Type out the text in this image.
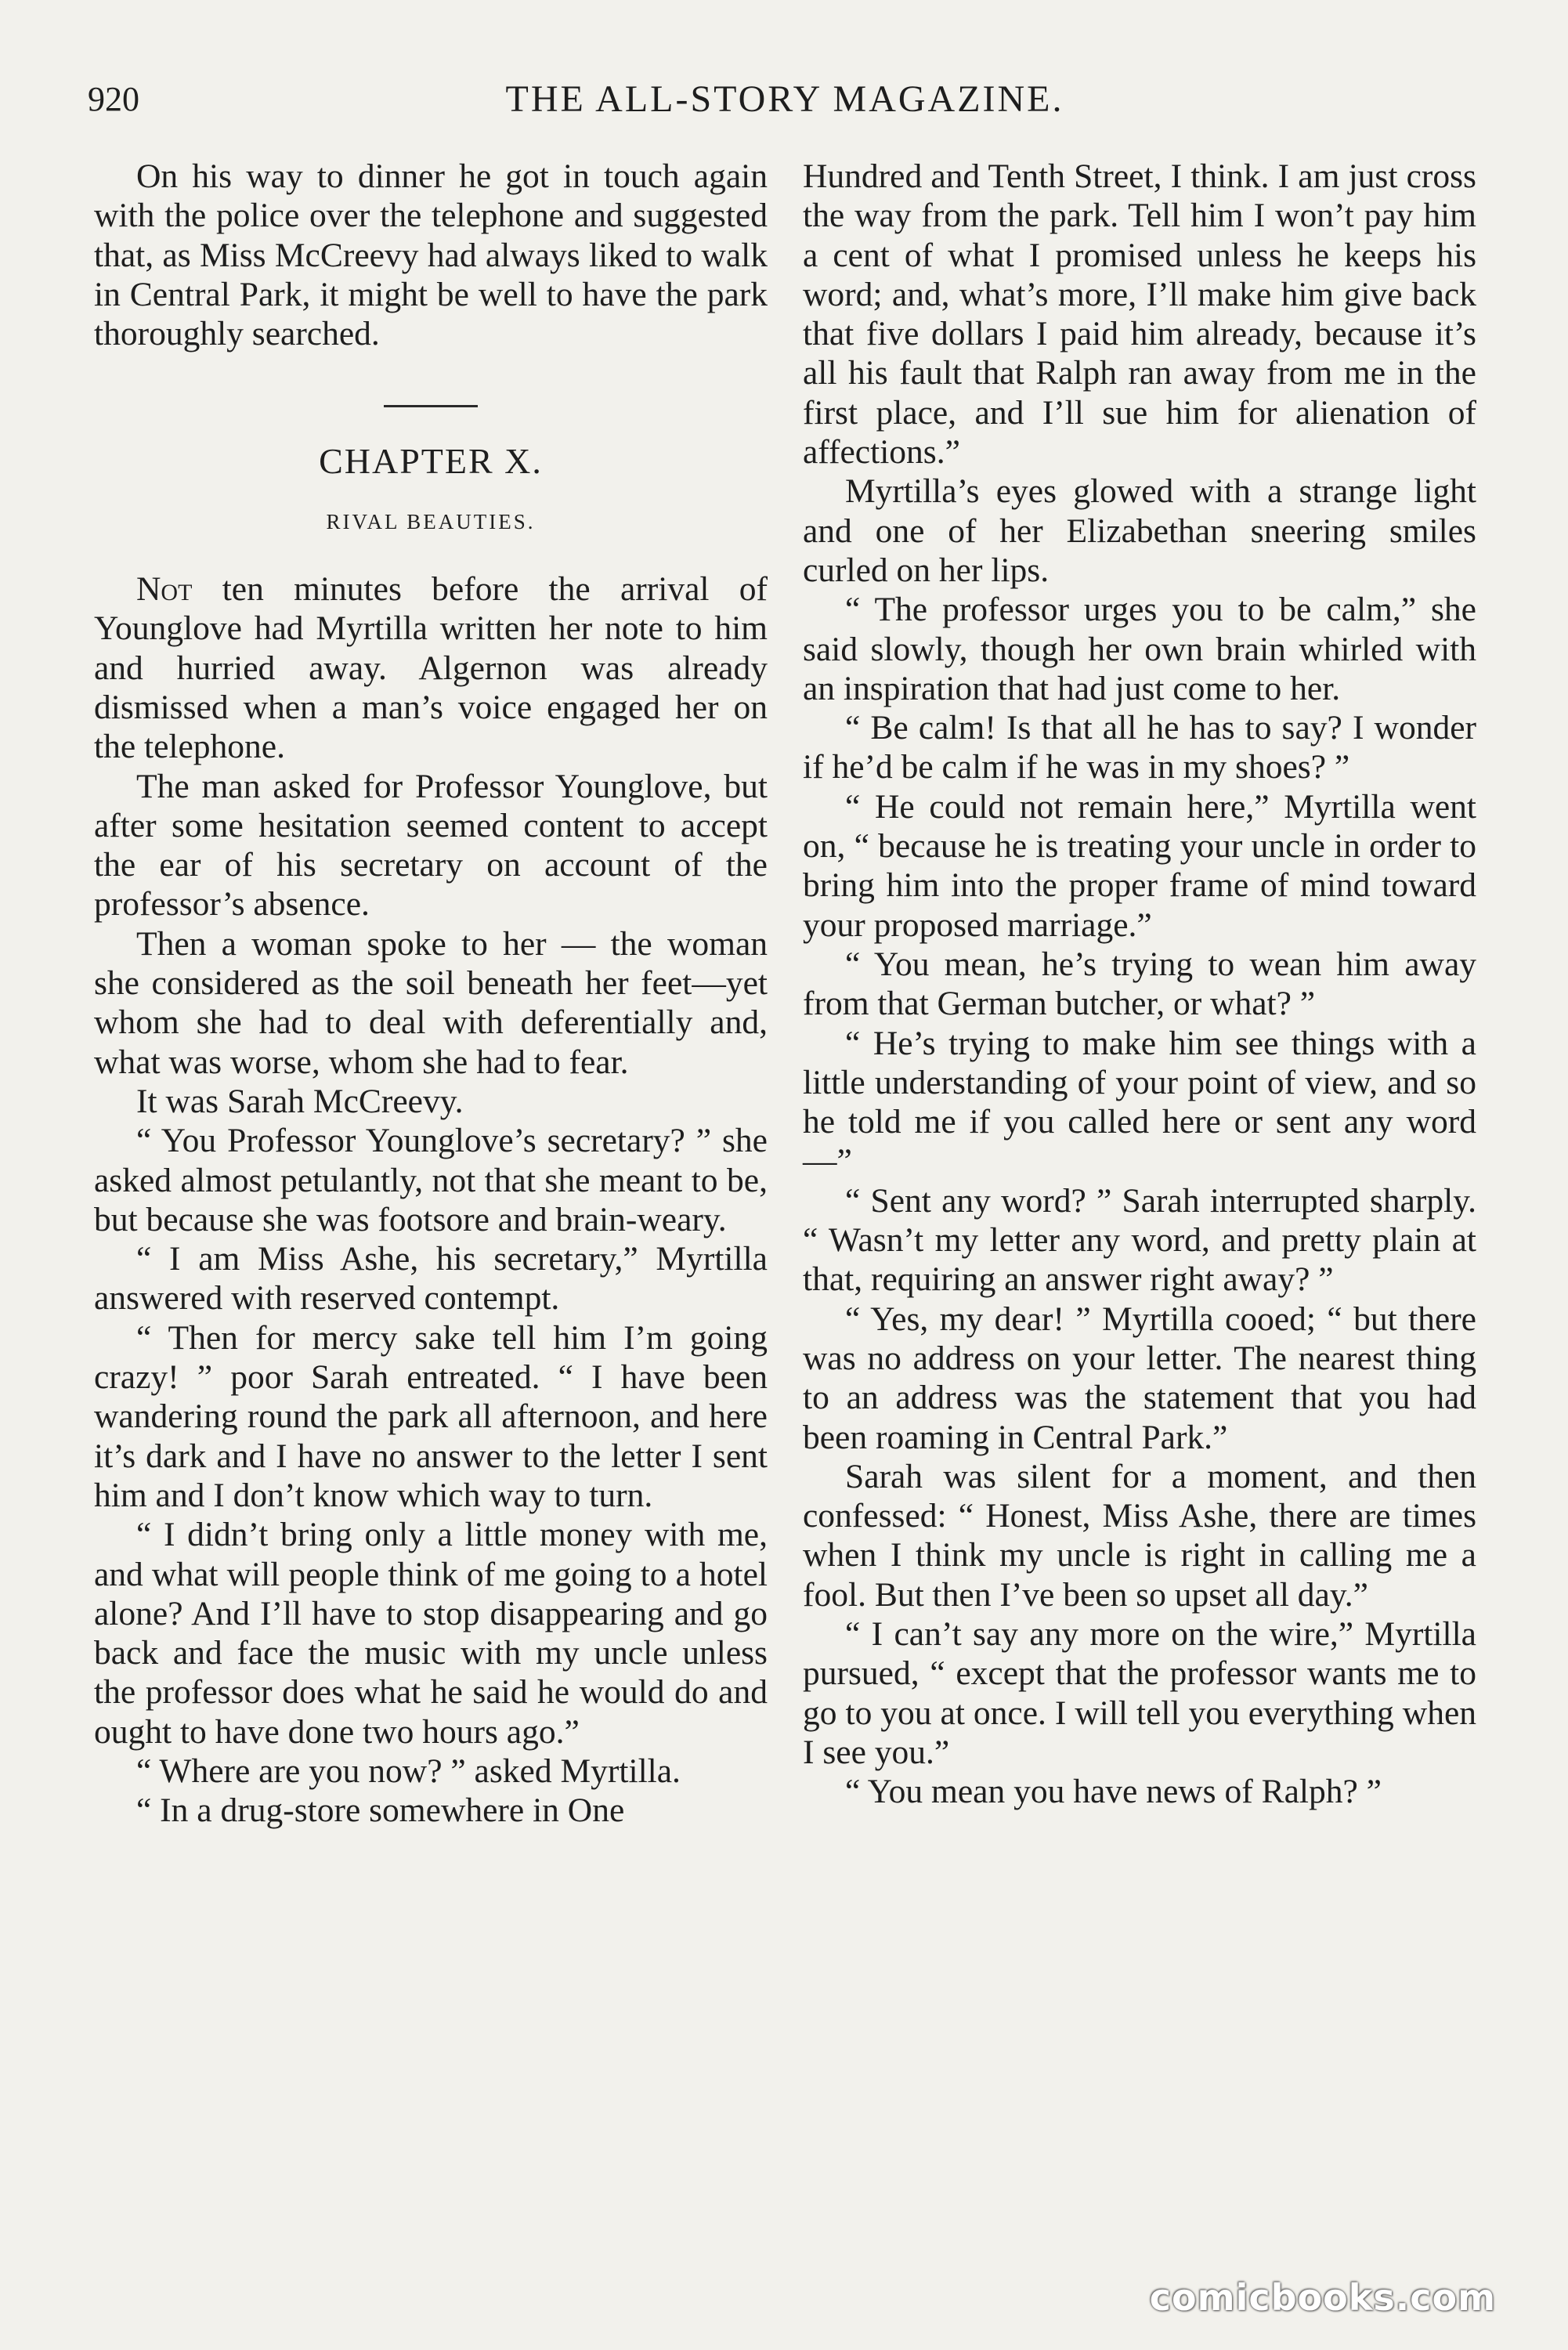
920	THE ALL-STORY MAGAZINE.

On his way to dinner he got in touch again with the police over the telephone and suggested that, as Miss McCreevy had always liked to walk in Central Park, it might be well to have the park thoroughly searched.

CHAPTER X.
RIVAL BEAUTIES.

Not ten minutes before the arrival of Younglove had Myrtilla written her note to him and hurried away. Algernon was already dismissed when a man’s voice engaged her on the telephone.

The man asked for Professor Younglove, but after some hesitation seemed content to accept the ear of his secretary on account of the professor’s absence.

Then a woman spoke to her — the woman she considered as the soil beneath her feet—yet whom she had to deal with deferentially and, what was worse, whom she had to fear.

It was Sarah McCreevy.

“ You Professor Younglove’s secretary? ” she asked almost petulantly, not that she meant to be, but because she was footsore and brain-weary.

“ I am Miss Ashe, his secretary,” Myrtilla answered with reserved contempt.

“ Then for mercy sake tell him I’m going crazy! ” poor Sarah entreated. “ I have been wandering round the park all afternoon, and here it’s dark and I have no answer to the letter I sent him and I don’t know which way to turn.

“ I didn’t bring only a little money with me, and what will people think of me going to a hotel alone? And I’ll have to stop disappearing and go back and face the music with my uncle unless the professor does what he said he would do and ought to have done two hours ago.”

“ Where are you now? ” asked Myrtilla.

“ In a drug-store somewhere in One

Hundred and Tenth Street, I think. I am just cross the way from the park. Tell him I won’t pay him a cent of what I promised unless he keeps his word; and, what’s more, I’ll make him give back that five dollars I paid him already, because it’s all his fault that Ralph ran away from me in the first place, and I’ll sue him for alienation of affections.”

Myrtilla’s eyes glowed with a strange light and one of her Elizabethan sneering smiles curled on her lips.

“ The professor urges you to be calm,” she said slowly, though her own brain whirled with an inspiration that had just come to her.

“ Be calm! Is that all he has to say? I wonder if he’d be calm if he was in my shoes? ”

“ He could not remain here,” Myrtilla went on, “ because he is treating your uncle in order to bring him into the proper frame of mind toward your proposed marriage.”

“ You mean, he’s trying to wean him away from that German butcher, or what? ”

“ He’s trying to make him see things with a little understanding of your point of view, and so he told me if you called here or sent any word—”

“ Sent any word? ” Sarah interrupted sharply. “ Wasn’t my letter any word, and pretty plain at that, requiring an answer right away? ”

“ Yes, my dear! ” Myrtilla cooed; “ but there was no address on your letter. The nearest thing to an address was the statement that you had been roaming in Central Park.”

Sarah was silent for a moment, and then confessed: “ Honest, Miss Ashe, there are times when I think my uncle is right in calling me a fool. But then I’ve been so upset all day.”

“ I can’t say any more on the wire,” Myrtilla pursued, “ except that the professor wants me to go to you at once. I will tell you everything when I see you.”

“ You mean you have news of Ralph? ”

comicbooks.com
